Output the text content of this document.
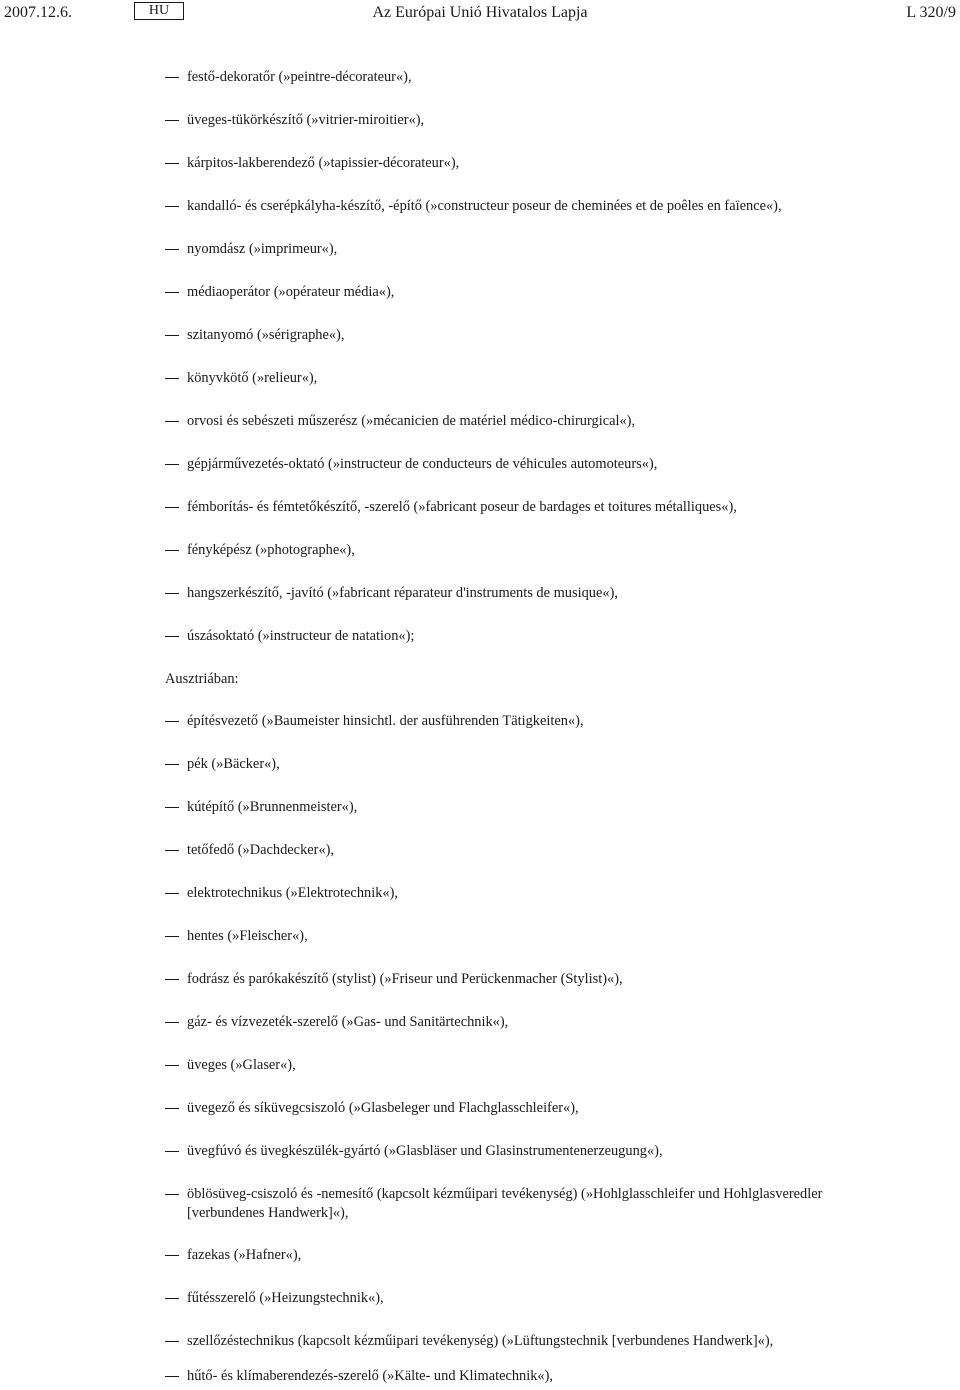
2007.12.6.	HU	Az Európai Unió Hivatalos Lapja	L 320/9
festő-dekoratőr (»peintre-décorateur«),
üveges-tükörkészítő (»vitrier-miroitier«),
kárpitos-lakberendező (»tapissier-décorateur«),
kandalló- és cserépkályha-készítő, -építő (»constructeur poseur de cheminées et de poêles en faïence«),
nyomdász (»imprimeur«),
médiaoperátor (»opérateur média«),
szitanyomó (»sérigraphe«),
könyvkötő (»relieur«),
orvosi és sebészeti műszerész (»mécanicien de matériel médico-chirurgical«),
gépjárművezetés-oktató (»instructeur de conducteurs de véhicules automoteurs«),
fémborítás- és fémtetőkészítő, -szerelő (»fabricant poseur de bardages et toitures métalliques«),
fényképész (»photographe«),
hangszerkészítő, -javító (»fabricant réparateur d'instruments de musique«),
úszásoktató (»instructeur de natation«);
Ausztriában:
építésvezető (»Baumeister hinsichtl. der ausführenden Tätigkeiten«),
pék (»Bäcker«),
kútépítő (»Brunnenmeister«),
tetőfedő (»Dachdecker«),
elektrotechnikus (»Elektrotechnik«),
hentes (»Fleischer«),
fodrász és parókakészítő (stylist) (»Friseur und Perückenmacher (Stylist)«),
gáz- és vízvezeték-szerelő (»Gas- und Sanitärtechnik«),
üveges (»Glaser«),
üvegező és síküvegcsiszoló (»Glasbeleger und Flachglasschleifer«),
üvegfúvó és üvegkészülék-gyártó (»Glasbläser und Glasinstrumentenerzeugung«),
öblösüveg-csiszoló és -nemesítő (kapcsolt kézműipari tevékenység) (»Hohlglasschleifer und Hohlglasveredler [verbundenes Handwerk]«),
fazekas (»Hafner«),
fűtésszerelő (»Heizungstechnik«),
szellőzéstechnikus (kapcsolt kézműipari tevékenység) (»Lüftungstechnik [verbundenes Handwerk]«),
hűtő- és klímaberendezés-szerelő (»Kälte- und Klimatechnik«),
